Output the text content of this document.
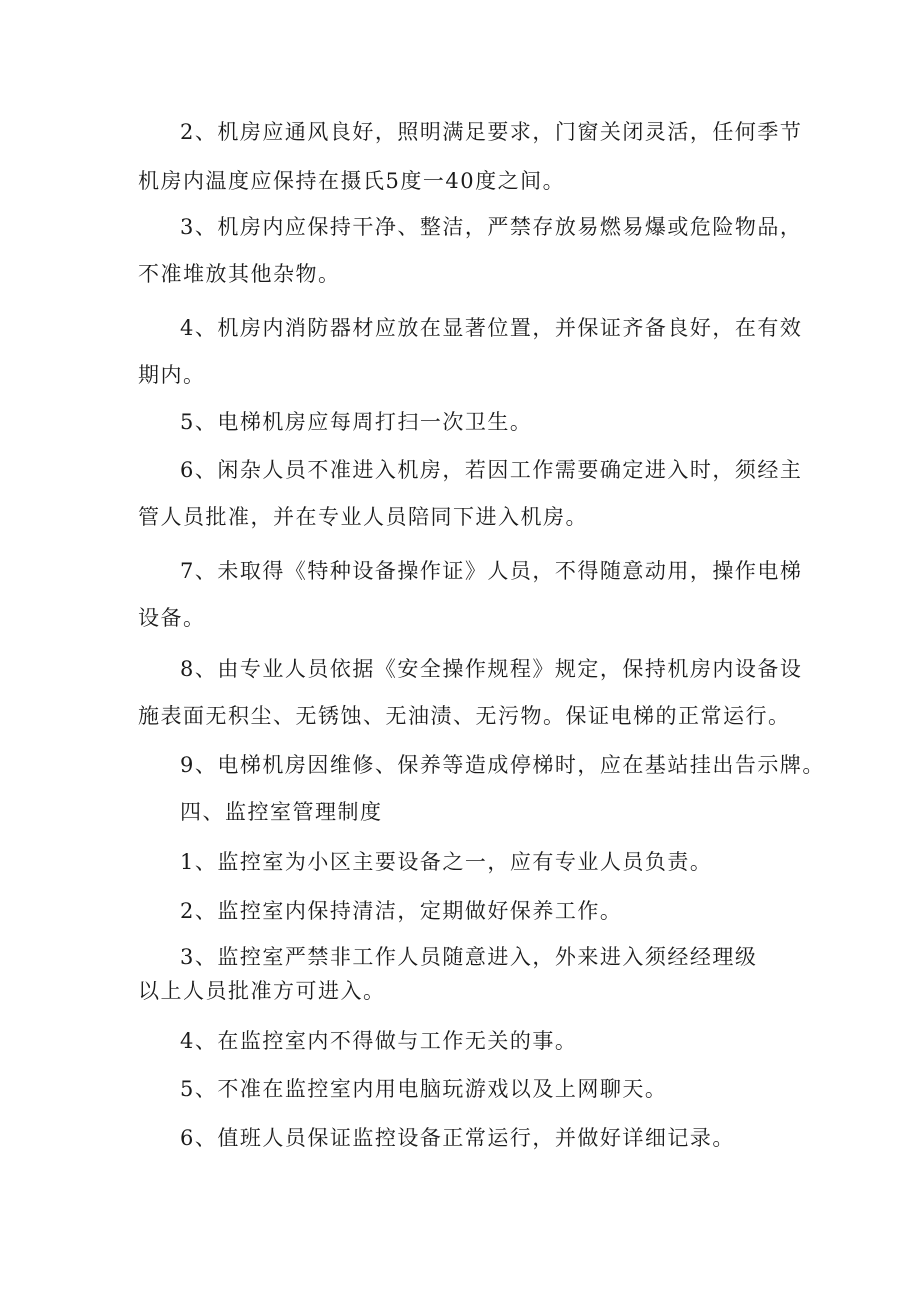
2、机房应通风良好，照明满足要求，门窗关闭灵活，任何季节
机房内温度应保持在摄氏5度一40度之间。
3、机房内应保持干净、整洁，严禁存放易燃易爆或危险物品，
不准堆放其他杂物。
4、机房内消防器材应放在显著位置，并保证齐备良好，在有效
期内。
5、电梯机房应每周打扫一次卫生。
6、闲杂人员不准进入机房，若因工作需要确定进入时，须经主
管人员批准，并在专业人员陪同下进入机房。
7、未取得《特种设备操作证》人员，不得随意动用，操作电梯
设备。
8、由专业人员依据《安全操作规程》规定，保持机房内设备设
施表面无积尘、无锈蚀、无油渍、无污物。保证电梯的正常运行。
9、电梯机房因维修、保养等造成停梯时，应在基站挂出告示牌。
四、监控室管理制度
1、监控室为小区主要设备之一，应有专业人员负责。
2、监控室内保持清洁，定期做好保养工作。
3、监控室严禁非工作人员随意进入，外来进入须经经理级
以上人员批准方可进入。
4、在监控室内不得做与工作无关的事。
5、不准在监控室内用电脑玩游戏以及上网聊天。
6、值班人员保证监控设备正常运行，并做好详细记录。
